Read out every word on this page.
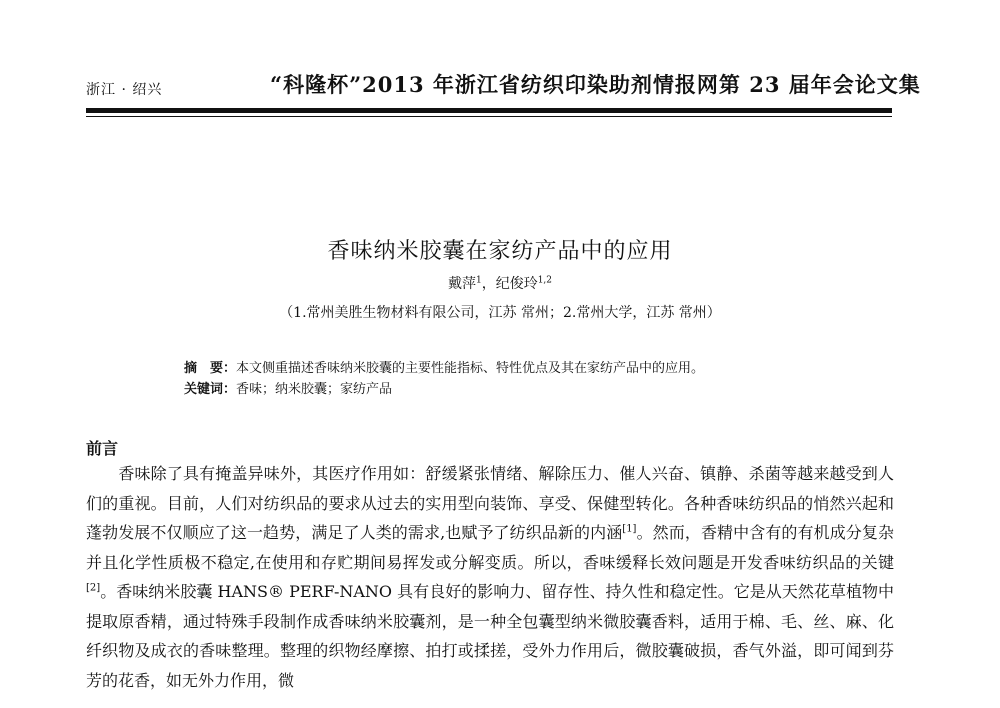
浙江 · 绍兴	“科隆杯”2013 年浙江省纺织印染助剂情报网第 23 届年会论文集
香味纳米胶囊在家纺产品中的应用
戴萍$^1$，纪俊玲$^{1,2}$
（1.常州美胜生物材料有限公司，江苏 常州；2.常州大学，江苏 常州）
摘　要：本文侧重描述香味纳米胶囊的主要性能指标、特性优点及其在家纺产品中的应用。
关键词：香味；纳米胶囊；家纺产品
前言

　　香味除了具有掩盖异味外，其医疗作用如：舒缓紧张情绪、解除压力、催人兴奋、镇静、杀菌等越来越受到人们的重视。目前，人们对纺织品的要求从过去的实用型向装饰、享受、保健型转化。各种香味纺织品的悄然兴起和蓬勃发展不仅顺应了这一趋势，满足了人类的需求,也赋予了纺织品新的内涵[1]。然而，香精中含有的有机成分复杂并且化学性质极不稳定,在使用和存贮期间易挥发或分解变质。所以，香味缓释长效问题是开发香味纺织品的关键[2]。香味纳米胶囊 HANS® PERF-NANO 具有良好的影响力、留存性、持久性和稳定性。它是从天然花草植物中提取原香精，通过特殊手段制作成香味纳米胶囊剂，是一种全包囊型纳米微胶囊香料，适用于棉、毛、丝、麻、化纤织物及成衣的香味整理。整理的织物经摩擦、拍打或揉搓，受外力作用后，微胶囊破损，香气外溢，即可闻到芬芳的花香，如无外力作用，微
